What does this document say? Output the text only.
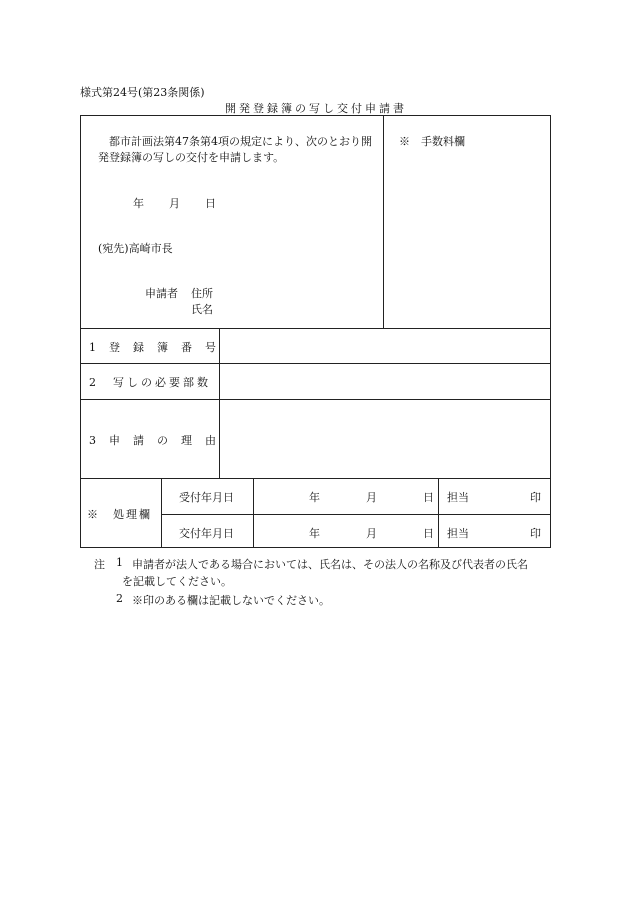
様式第24号(第23条関係)
開発登録簿の写し交付申請書
都市計画法第47条第4項の規定により、次のとおり開
発登録簿の写しの交付を申請します。
年 月 日
(宛先)高崎市長
申請者 住所
氏名
※　手数料欄
1　登　録　簿　番　号
2　写しの必要部数
3　申　請　の　理　由
※　処理欄
受付年月日	年	月	日 担当	印
交付年月日	年	月	日 担当	印
注 1 申請者が法人である場合においては、氏名は、その法人の名称及び代表者の氏名
を記載してください。
2 ※印のある欄は記載しないでください。
